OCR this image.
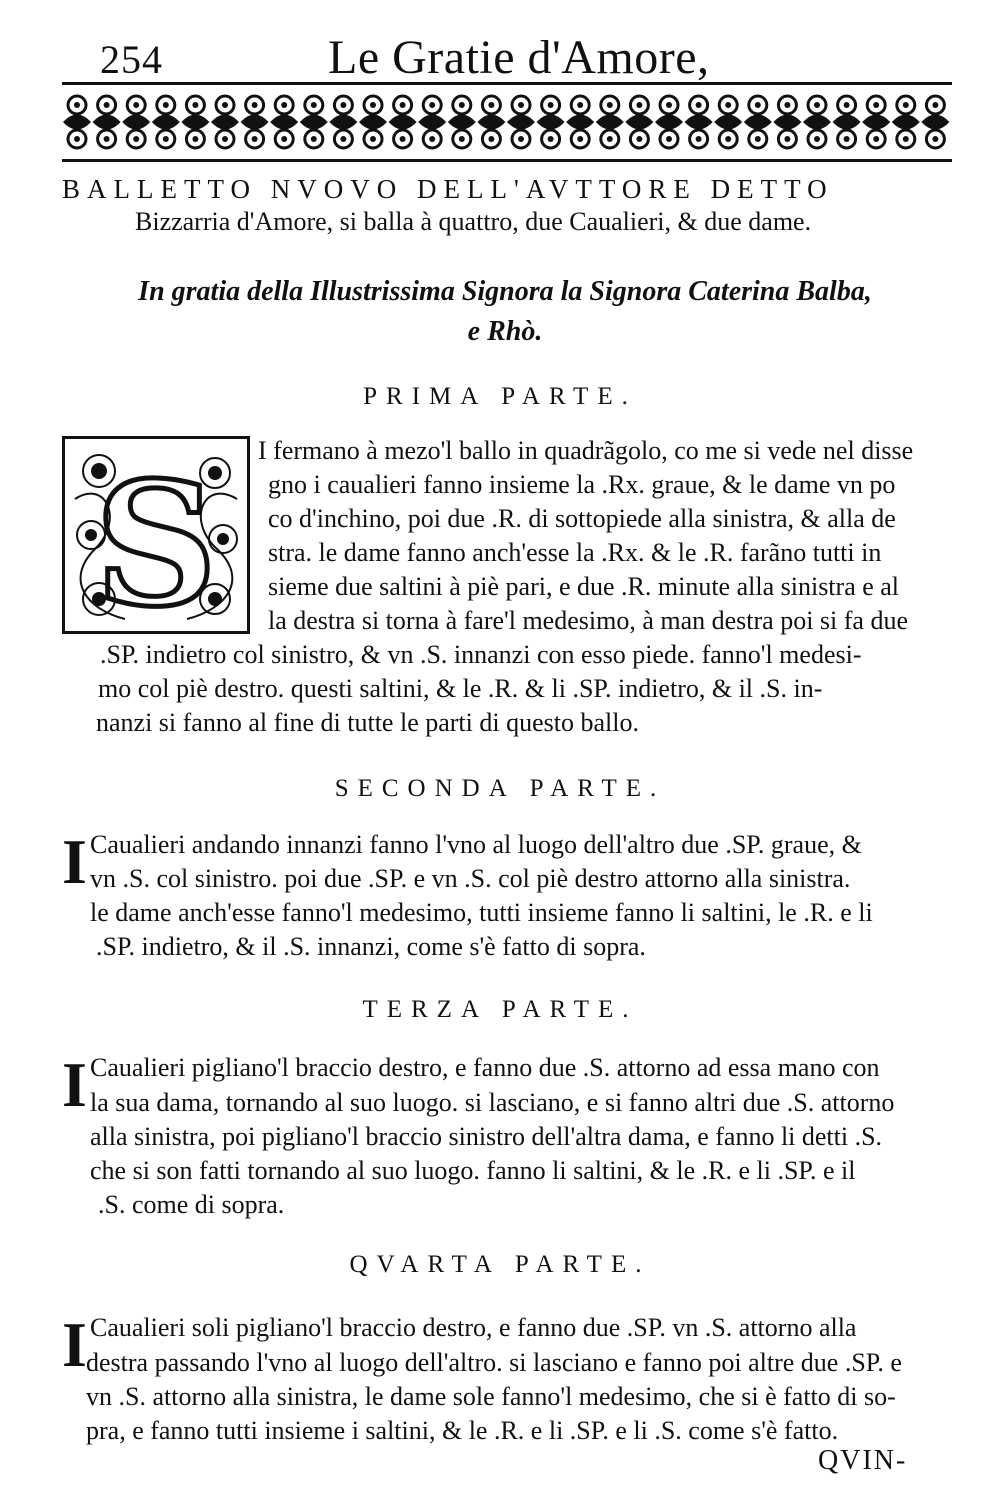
254	Le Gratie d'Amore,
BALLETTO NVOVO DELL'AVTTORE DETTO
Bizzarria d'Amore, si balla à quattro, due Caualieri, & due dame.
In gratia della Illustrissima Signora la Signora Caterina Balba,
e Rhò.
PRIMA PARTE.
S I fermano à mezo'l ballo in quadrãgolo, co me si vede nel disse
gno i caualieri fanno insieme la .Rx. graue, & le dame vn po
co d'inchino, poi due .R. di sottopiede alla sinistra, & alla de
stra. le dame fanno anch'esse la .Rx. & le .R. farãno tutti in
sieme due saltini à piè pari, e due .R. minute alla sinistra e al
la destra si torna à fare'l medesimo, à man destra poi si fa due
.SP. indietro col sinistro, & vn .S. innanzi con esso piede. fanno'l medesi-
mo col piè destro. questi saltini, & le .R. & li .SP. indietro, & il .S. in-
nanzi si fanno al fine di tutte le parti di questo ballo.
SECONDA PARTE.
I Caualieri andando innanzi fanno l'vno al luogo dell'altro due .SP. graue, &
vn .S. col sinistro. poi due .SP. e vn .S. col piè destro attorno alla sinistra.
le dame anch'esse fanno'l medesimo, tutti insieme fanno li saltini, le .R. e li
.SP. indietro, & il .S. innanzi, come s'è fatto di sopra.
TERZA PARTE.
I Caualieri pigliano'l braccio destro, e fanno due .S. attorno ad essa mano con
la sua dama, tornando al suo luogo. si lasciano, e si fanno altri due .S. attorno
alla sinistra, poi pigliano'l braccio sinistro dell'altra dama, e fanno li detti .S.
che si son fatti tornando al suo luogo. fanno li saltini, & le .R. e li .SP. e il
.S. come di sopra.
QVARTA PARTE.
I Caualieri soli pigliano'l braccio destro, e fanno due .SP. vn .S. attorno alla
destra passando l'vno al luogo dell'altro. si lasciano e fanno poi altre due .SP. e
vn .S. attorno alla sinistra, le dame sole fanno'l medesimo, che si è fatto di so-
pra, e fanno tutti insieme i saltini, & le .R. e li .SP. e li .S. come s'è fatto.
QVIN-
